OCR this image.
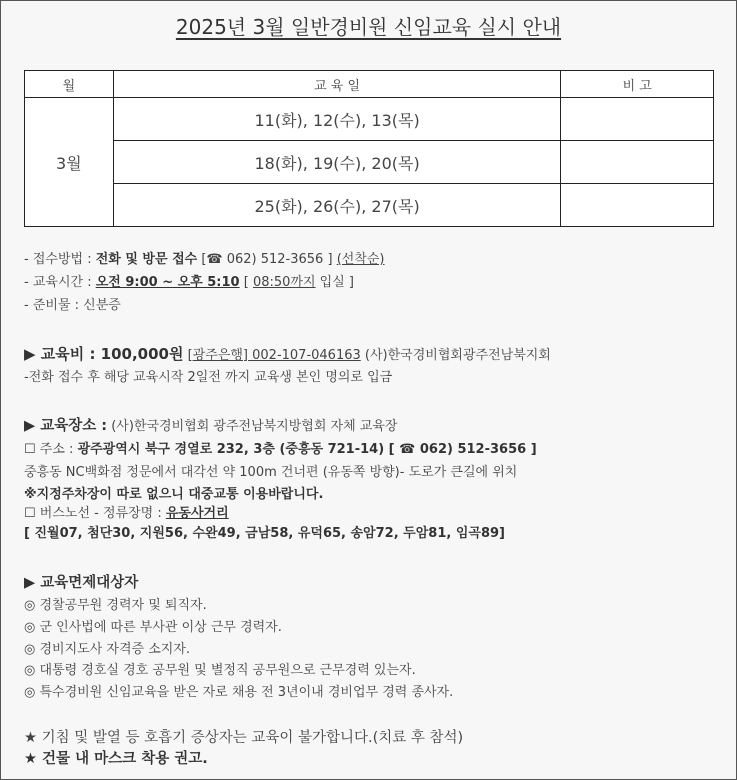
2025년 3월 일반경비원 신임교육 실시 안내
월	교 육 일	비 고
3월	11(화), 12(수), 13(목)	
	18(화), 19(수), 20(목)	
	25(화), 26(수), 27(목)	
- 접수방법 : 전화 및 방문 접수 [☎ 062) 512-3656 ] (선착순)
- 교육시간 : 오전 9:00 ~ 오후 5:10 [ 08:50까지 입실 ]
- 준비물 : 신분증
▶ 교육비 : 100,000원 [광주은행] 002-107-046163 (사)한국경비협회광주전남북지회
-전화 접수 후 해당 교육시작 2일전 까지 교육생 본인 명의로 입금
▶ 교육장소 : (사)한국경비협회 광주전남북지방협회 자체 교육장
☐ 주소 : 광주광역시 북구 경열로 232, 3층 (중흥동 721-14) [ ☎ 062) 512-3656 ]
중흥동 NC백화점 정문에서 대각선 약 100m 건너편 (유동쪽 방향)- 도로가 큰길에 위치
※지정주차장이 따로 없으니 대중교통 이용바랍니다.
☐ 버스노선 - 정류장명 : 유동사거리
[ 진월07, 첨단30, 지원56, 수완49, 금남58, 유덕65, 송암72, 두암81, 임곡89]
▶ 교육면제대상자
◎ 경찰공무원 경력자 및 퇴직자.
◎ 군 인사법에 따른 부사관 이상 근무 경력자.
◎ 경비지도사 자격증 소지자.
◎ 대통령 경호실 경호 공무원 및 별정직 공무원으로 근무경력 있는자.
◎ 특수경비원 신임교육을 받은 자로 채용 전 3년이내 경비업무 경력 종사자.
★ 기침 및 발열 등 호흡기 증상자는 교육이 불가합니다.(치료 후 참석)
★ 건물 내 마스크 착용 권고.
